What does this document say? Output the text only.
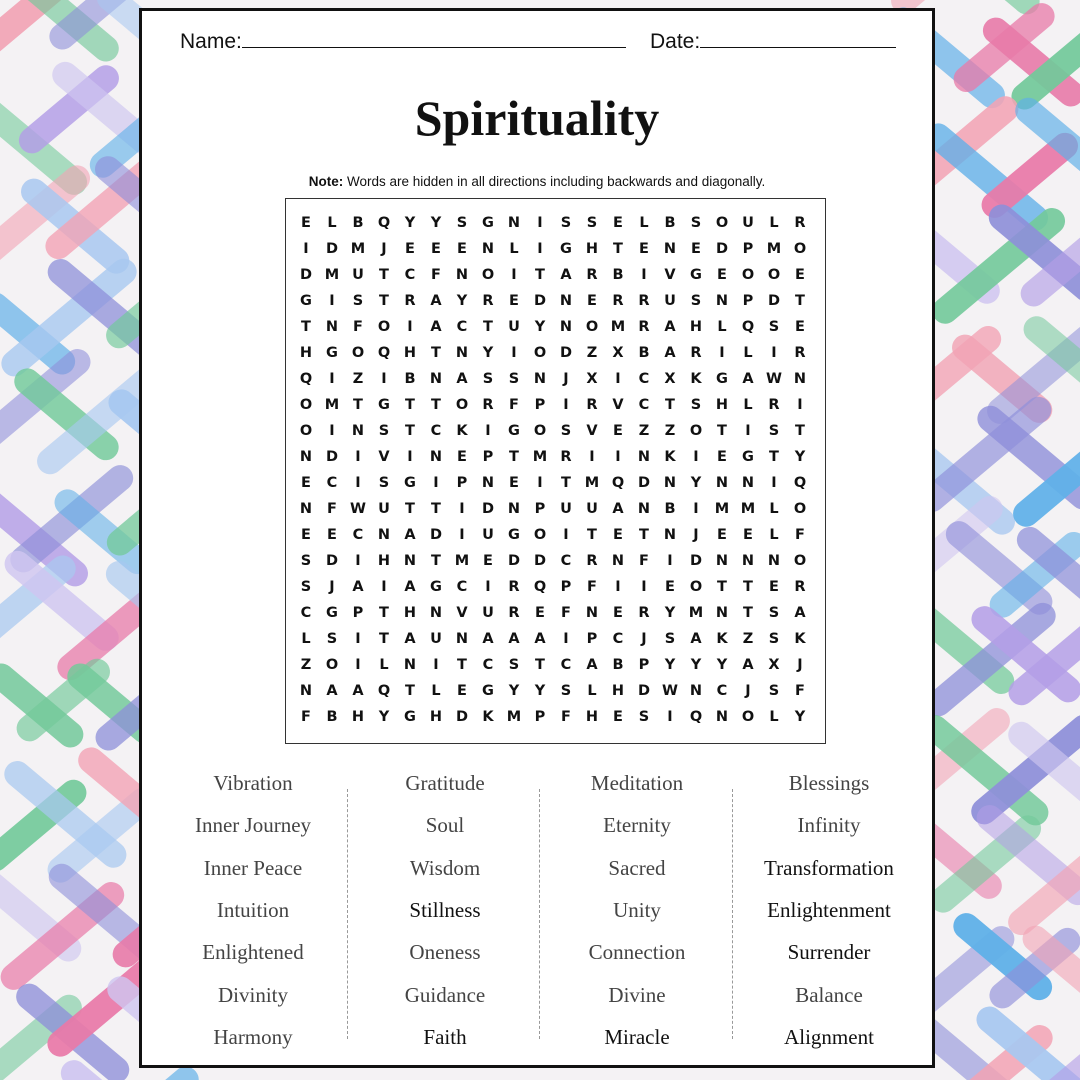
Name:	Date:
Spirituality
Note: Words are hidden in all directions including backwards and diagonally.
E	L	B Q	Y	Y	S	G N	I	S	S	E	L	B	S	O U	L	R
I	D M	J	E	E	E	N	L	I	G H	T	E	N	E	D	P M O
D M U	T	C	F	N O	I	T	A	R	B	I	V G	E	O O	E
G	I	S	T	R	A	Y	R	E	D N	E	R	R	U	S	N	P	D	T
T	N	F	O	I	A	C	T	U	Y	N O M R	A H	L	Q	S	E
H G O Q H	T	N	Y	I	O D	Z	X	B	A	R	I	L	I	R
Q	I	Z	I	B N A	S	S	N	J	X	I	C	X	K G A W N
O M T	G	T	T	O R	F	P	I	R	V	C	T	S	H	L	R	I
O	I	N	S	T	C	K	I	G O	S	V	E	Z	Z	O	T	I	S	T
N D	I	V	I	N	E	P	T M R	I	I	N K	I	E	G	T	Y
E	C	I	S	G	I	P	N	E	I	T M Q D N	Y	N N	I	Q
N	F W U	T	T	I	D N	P	U U A N B	I	M M L	O
E	E	C	N A D	I	U G O	I	T	E	T	N	J	E	E	L	F
S	D	I	H N	T M E	D D	C	R N	F	I	D N N N O
S	J	A	I	A G	C	I	R Q	P	F	I	I	E	O	T	T	E	R
C	G	P	T	H N V	U	R	E	F	N	E	R	Y M N	T	S	A
L	S	I	T	A	U N A	A	A	I	P	C	J	S	A	K	Z	S	K
Z	O	I	L	N	I	T	C	S	T	C	A	B	P	Y	Y	Y	A	X	J
N A	A Q	T	L	E	G	Y	Y	S	L	H D W N	C	J	S	F
F	B H	Y	G H D K M P	F	H	E	S	I	Q N O	L	Y
Vibration
Inner Journey
Inner Peace
Intuition
Enlightened
Divinity
Harmony
Gratitude
Soul
Wisdom
Stillness
Oneness
Guidance
Faith
Meditation
Eternity
Sacred
Unity
Connection
Divine
Miracle
Blessings
Infinity
Transformation
Enlightenment
Surrender
Balance
Alignment
